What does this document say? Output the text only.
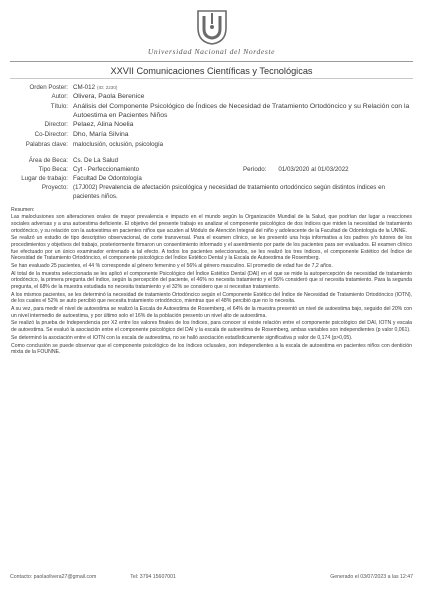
Universidad Nacional del Nordeste
XXVII Comunicaciones Científicas y Tecnológicas
Orden Poster: CM-012 (ID: 2230)
Autor: Olivera, Paola Berenice
Título: Análisis del Componente Psicológico de Índices de Necesidad de Tratamiento Ortodóncico y su Relación con la Autoestima en Pacientes Niños
Director: Pelaez, Alina Noelia
Co-Director: Dho, María Silvina
Palabras clave: maloclusión, oclusión, psicología
Área de Beca: Cs. De La Salud
Tipo Beca: Cyt - Perfeccionamiento	Período: 01/03/2020 al 01/03/2022
Lugar de trabajo: Facultad De Odontología
Proyecto: (17J002) Prevalencia de afectación psicológica y necesidad de tratamiento ortodóncico según distintos índices en pacientes niños.

Resumen:

Las maloclusiones son alteraciones orales de mayor prevalencia e impacto en el mundo según la Organización Mundial de la Salud, que podrían dar lugar a reacciones sociales adversas y a una autoestima deficiente. El objetivo del presente trabajo es analizar el componente psicológico de dos índices que miden la necesidad de tratamiento ortodóncico, y su relación con la autoestima en pacientes niños que acuden al Módulo de Atención Integral del niño y adolescente de la Facultad de Odontología de la UNNE.

Se realizó un estudio de tipo descriptivo observacional, de corte transversal. Para el examen clínico, se les presentó una hoja informativa a los padres y/o tutores de los procedimientos y objetivos del trabajo, posteriormente firmaron un consentimiento informado y el asentimiento por parte de los pacientes para ser evaluados. El examen clínico fue efectuado por un único examinador entrenado a tal efecto. A todos los pacientes seleccionados, se les realizó los tres índices, el componente Estético del Índice de Necesidad de Tratamiento Ortodóncico, el componente psicológico del Índice Estético Dental y la Escala de Autoestima de Rosemberg.

Se han evaluado 25 pacientes, el 44 % corresponde al género femenino y el 56% al género masculino. El promedio de edad fue de 7,2 años.

Al total de la muestra seleccionada se les aplicó el componente Psicológico del Índice Estético Dental (DAI) en el que se mide la autopercepción de necesidad de tratamiento ortodóncico, la primera pregunta del índice, según la percepción del paciente, el 46% no necesita tratamiento y el 56% consideró que sí necesita tratamiento. Para la segunda pregunta, el 68% de la muestra estudiada no necesita tratamiento y el 32% se considero que si necesitan tratamiento.

A los mismos pacientes, se les determinó la necesidad de tratamiento Ortodóncico según el Componente Estético del Índice de Necesidad de Tratamiento Ortodóncico (IOTN), de los cuales el 52% se auto percibió que necesita tratamiento ortodóncico, mientras que el 48% percibió que no lo necesita.

A su vez, para medir el nivel de autoestima se realizó la Escala de Autoestima de Rosemberg, el 64% de la muestra presentó un nivel de autoestima bajo, seguido del 20% con un nivel intermedio de autoestima, y por último solo el 16% de la población presento un nivel alto de autoestima.

Se realizó la prueba de Independencia por X2 entre los valores finales de los índices, para conocer si existe relación entre el componente psicológico del DAI, IOTN y escala de autoestima. Se evaluó la asociación entre el componente psicológico del DAI y la escala de autoestima de Rosemberg, ambas variables son independientes (p valor 0,061).

Se determinó la asociación entre el IOTN con la escala de autoestima, no se halló asociación estadísticamente significativa p valor de 0,174 (p>0,05).

Como conclusión se puede observar que el componente psicológico de los índices oclusales, son independientes a la escala de autoestima en pacientes niños con dentición mixta de la FOUNNE.

Contacto: paolaolivera27@gmail.com	Tel: 3794 15607001	Generado el 03/07/2023 a las 12:47
